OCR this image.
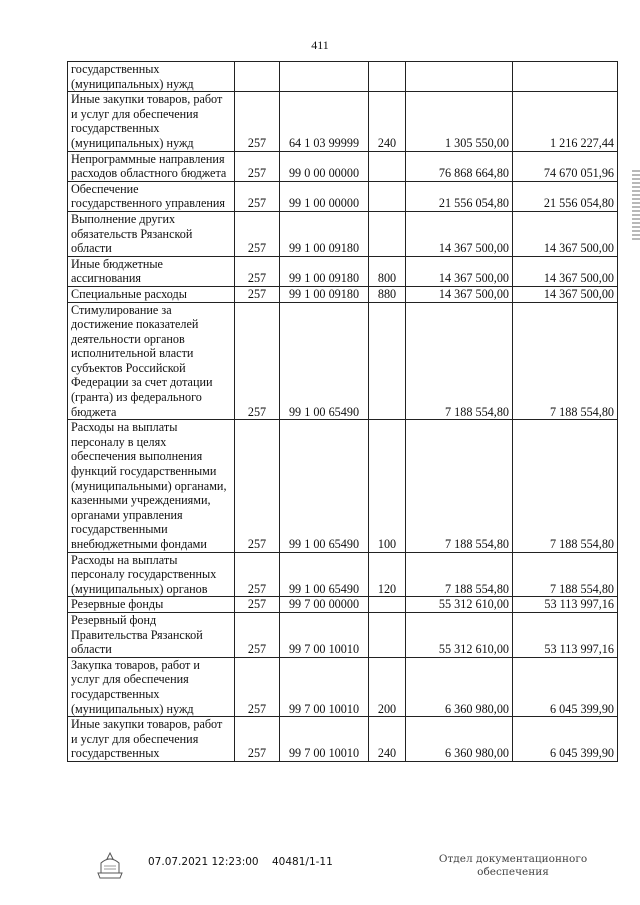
411
государственных (муниципальных) нужд					
Иные закупки товаров, работ и услуг для обеспечения государственных (муниципальных) нужд	257	64 1 03 99999	240	1 305 550,00	1 216 227,44
Непрограммные направления расходов областного бюджета	257	99 0 00 00000		76 868 664,80	74 670 051,96
Обеспечение государственного управления	257	99 1 00 00000		21 556 054,80	21 556 054,80
Выполнение других обязательств Рязанской области	257	99 1 00 09180		14 367 500,00	14 367 500,00
Иные бюджетные ассигнования	257	99 1 00 09180	800	14 367 500,00	14 367 500,00
Специальные расходы	257	99 1 00 09180	880	14 367 500,00	14 367 500,00
Стимулирование за достижение показателей деятельности органов исполнительной власти субъектов Российской Федерации за счет дотации (гранта) из федерального бюджета	257	99 1 00 65490		7 188 554,80	7 188 554,80
Расходы на выплаты персоналу в целях обеспечения выполнения функций государственными (муниципальными) органами, казенными учреждениями, органами управления государственными внебюджетными фондами	257	99 1 00 65490	100	7 188 554,80	7 188 554,80
Расходы на выплаты персоналу государственных (муниципальных) органов	257	99 1 00 65490	120	7 188 554,80	7 188 554,80
Резервные фонды	257	99 7 00 00000		55 312 610,00	53 113 997,16
Резервный фонд Правительства Рязанской области	257	99 7 00 10010		55 312 610,00	53 113 997,16
Закупка товаров, работ и услуг для обеспечения государственных (муниципальных) нужд	257	99 7 00 10010	200	6 360 980,00	6 045 399,90
Иные закупки товаров, работ и услуг для обеспечения государственных	257	99 7 00 10010	240	6 360 980,00	6 045 399,90
07.07.2021 12:23:00 40481/1-11	Отдел документационного
обеспечения
